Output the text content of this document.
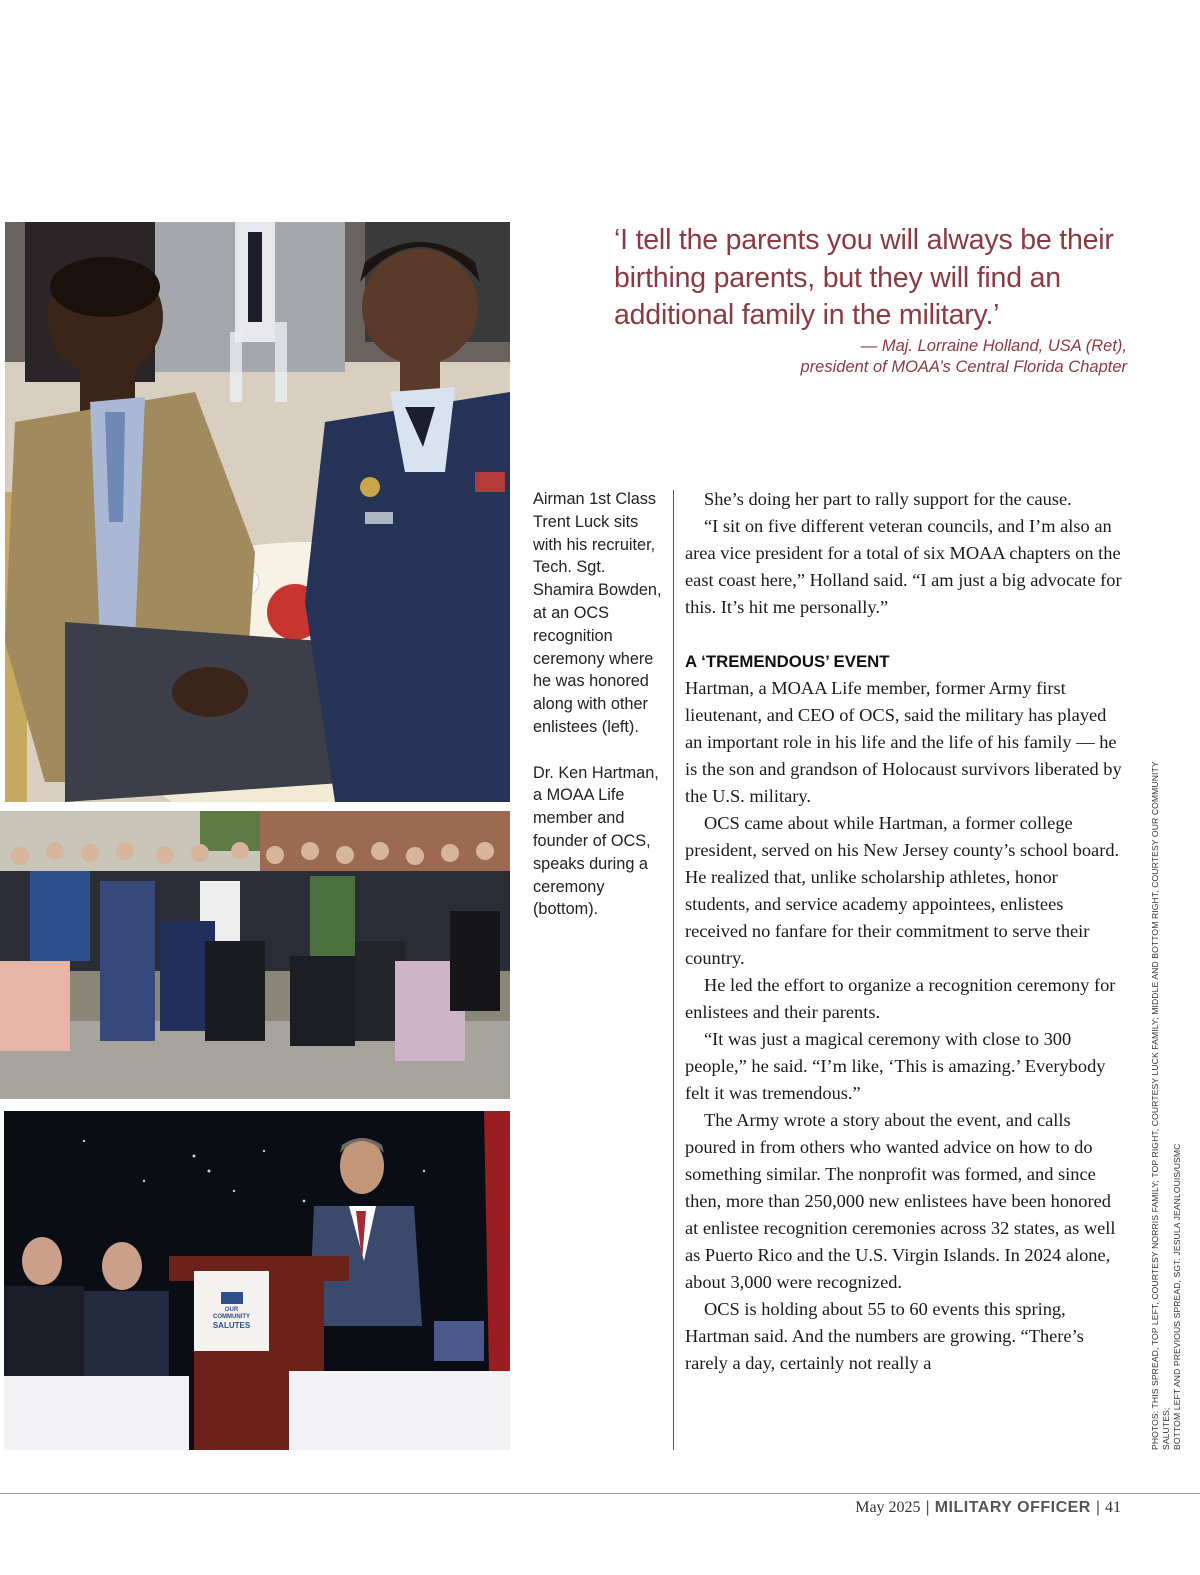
OUR
COMMUNITY
SALUTES
‘I tell the parents you will always be their birthing parents, but they will find an additional family in the military.’
— Maj. Lorraine Holland, USA (Ret),
president of MOAA’s Central Florida Chapter

Airman 1st Class Trent Luck sits with his recruiter, Tech. Sgt. Shamira Bowden, at an OCS recognition ceremony where he was honored along with other enlistees (left).

Dr. Ken Hartman, a MOAA Life member and founder of OCS, speaks during a ceremony (bottom).

She’s doing her part to rally support for the cause.

“I sit on five different veteran councils, and I’m also an area vice president for a total of six MOAA chapters on the east coast here,” Holland said. “I am just a big advocate for this. It’s hit me personally.”

A ‘TREMENDOUS’ EVENT

Hartman, a MOAA Life member, former Army first lieutenant, and CEO of OCS, said the military has played an important role in his life and the life of his family — he is the son and grandson of Holocaust survivors liberated by the U.S. military.

OCS came about while Hartman, a former college president, served on his New Jersey county’s school board. He realized that, unlike scholarship athletes, honor students, and service academy appointees, enlistees received no fanfare for their commitment to serve their country.

He led the effort to organize a recognition ceremony for enlistees and their parents.

“It was just a magical ceremony with close to 300 people,” he said. “I’m like, ‘This is amazing.’ Everybody felt it was tremendous.”

The Army wrote a story about the event, and calls poured in from others who wanted advice on how to do something similar. The nonprofit was formed, and since then, more than 250,000 new enlistees have been honored at enlistee recognition ceremonies across 32 states, as well as Puerto Rico and the U.S. Virgin Islands. In 2024 alone, about 3,000 were recognized.

OCS is holding about 55 to 60 events this spring, Hartman said. And the numbers are growing. “There’s rarely a day, certainly not really a	PHOTOS: THIS SPREAD, TOP LEFT, COURTESY NORRIS FAMILY; TOP RIGHT, COURTESY LUCK FAMILY; MIDDLE AND BOTTOM RIGHT, COURTESY OUR COMMUNITY SALUTES; BOTTOM LEFT AND PREVIOUS SPREAD, SGT. JESULA JEANLOUIS/USMC
May 2025 | MILITARY OFFICER | 41
